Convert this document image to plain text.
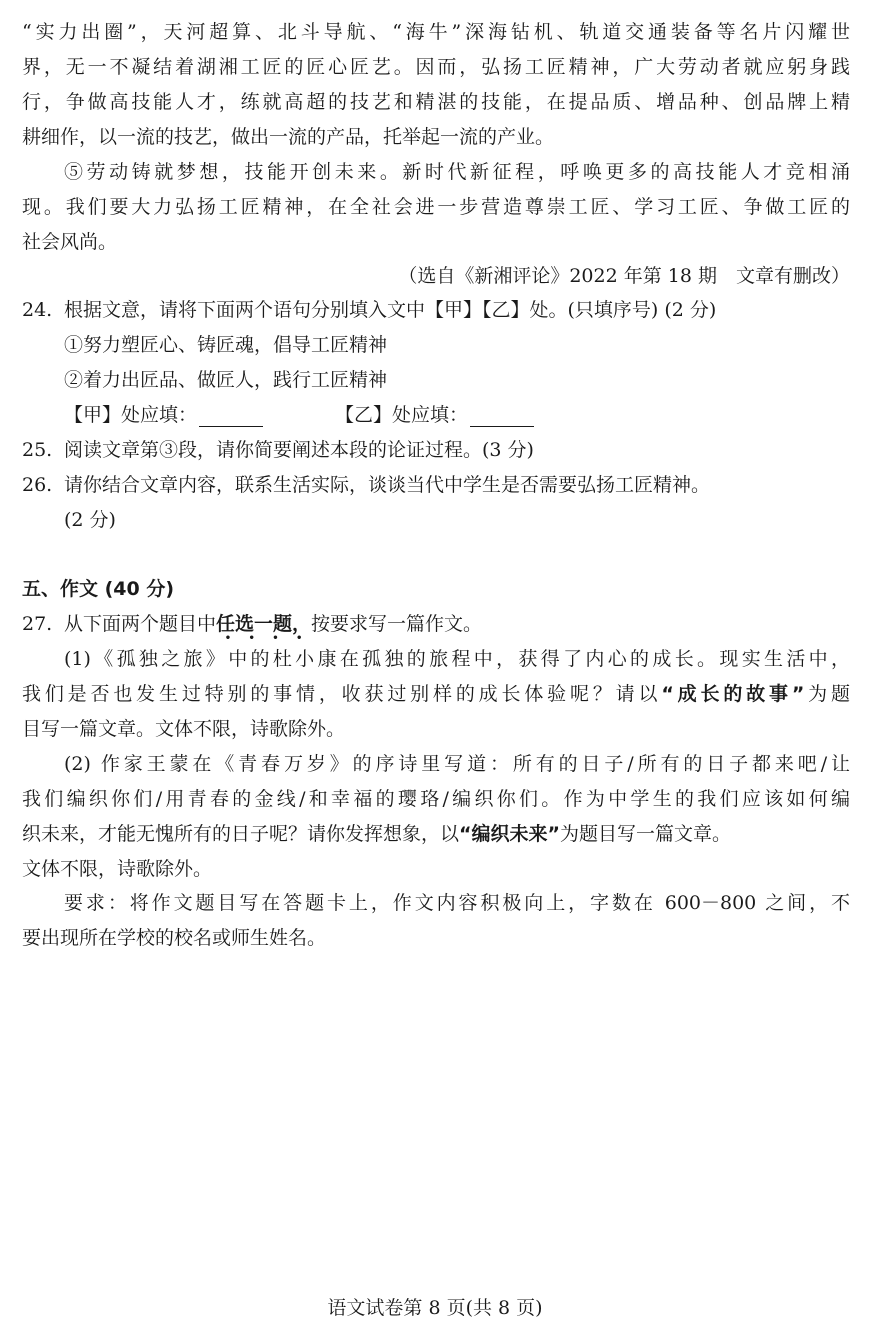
“实力出圈”，天河超算、北斗导航、“海牛”深海钻机、轨道交通装备等名片闪耀世
界，无一不凝结着湖湘工匠的匠心匠艺。因而，弘扬工匠精神，广大劳动者就应躬身践
行，争做高技能人才，练就高超的技艺和精湛的技能，在提品质、增品种、创品牌上精
耕细作，以一流的技艺，做出一流的产品，托举起一流的产业。
⑤劳动铸就梦想，技能开创未来。新时代新征程，呼唤更多的高技能人才竞相涌
现。我们要大力弘扬工匠精神，在全社会进一步营造尊崇工匠、学习工匠、争做工匠的
社会风尚。
（选自《新湘评论》2022 年第 18 期　文章有删改）
24. 根据文意，请将下面两个语句分别填入文中【甲】【乙】处。(只填序号) (2 分)
①努力塑匠心、铸匠魂，倡导工匠精神
②着力出匠品、做匠人，践行工匠精神
【甲】处应填：	【乙】处应填：
25. 阅读文章第③段，请你简要阐述本段的论证过程。(3 分)
26. 请你结合文章内容，联系生活实际，谈谈当代中学生是否需要弘扬工匠精神。
(2 分)
五、作文 (40 分)
27. 从下面两个题目中任选一题，
• • • •
按要求写一篇作文。
(1)《孤独之旅》中的杜小康在孤独的旅程中，获得了内心的成长。现实生活中，
我们是否也发生过特别的事情，收获过别样的成长体验呢？请以“成长的故事”为题
目写一篇文章。文体不限，诗歌除外。
(2) 作家王蒙在《青春万岁》的序诗里写道：所有的日子/所有的日子都来吧/让
我们编织你们/用青春的金线/和幸福的璎珞/编织你们。作为中学生的我们应该如何编
织未来，才能无愧所有的日子呢？请你发挥想象，以“编织未来”为题目写一篇文章。
文体不限，诗歌除外。
要求：将作文题目写在答题卡上，作文内容积极向上，字数在 600－800 之间，不
要出现所在学校的校名或师生姓名。
语文试卷第 8 页(共 8 页)
